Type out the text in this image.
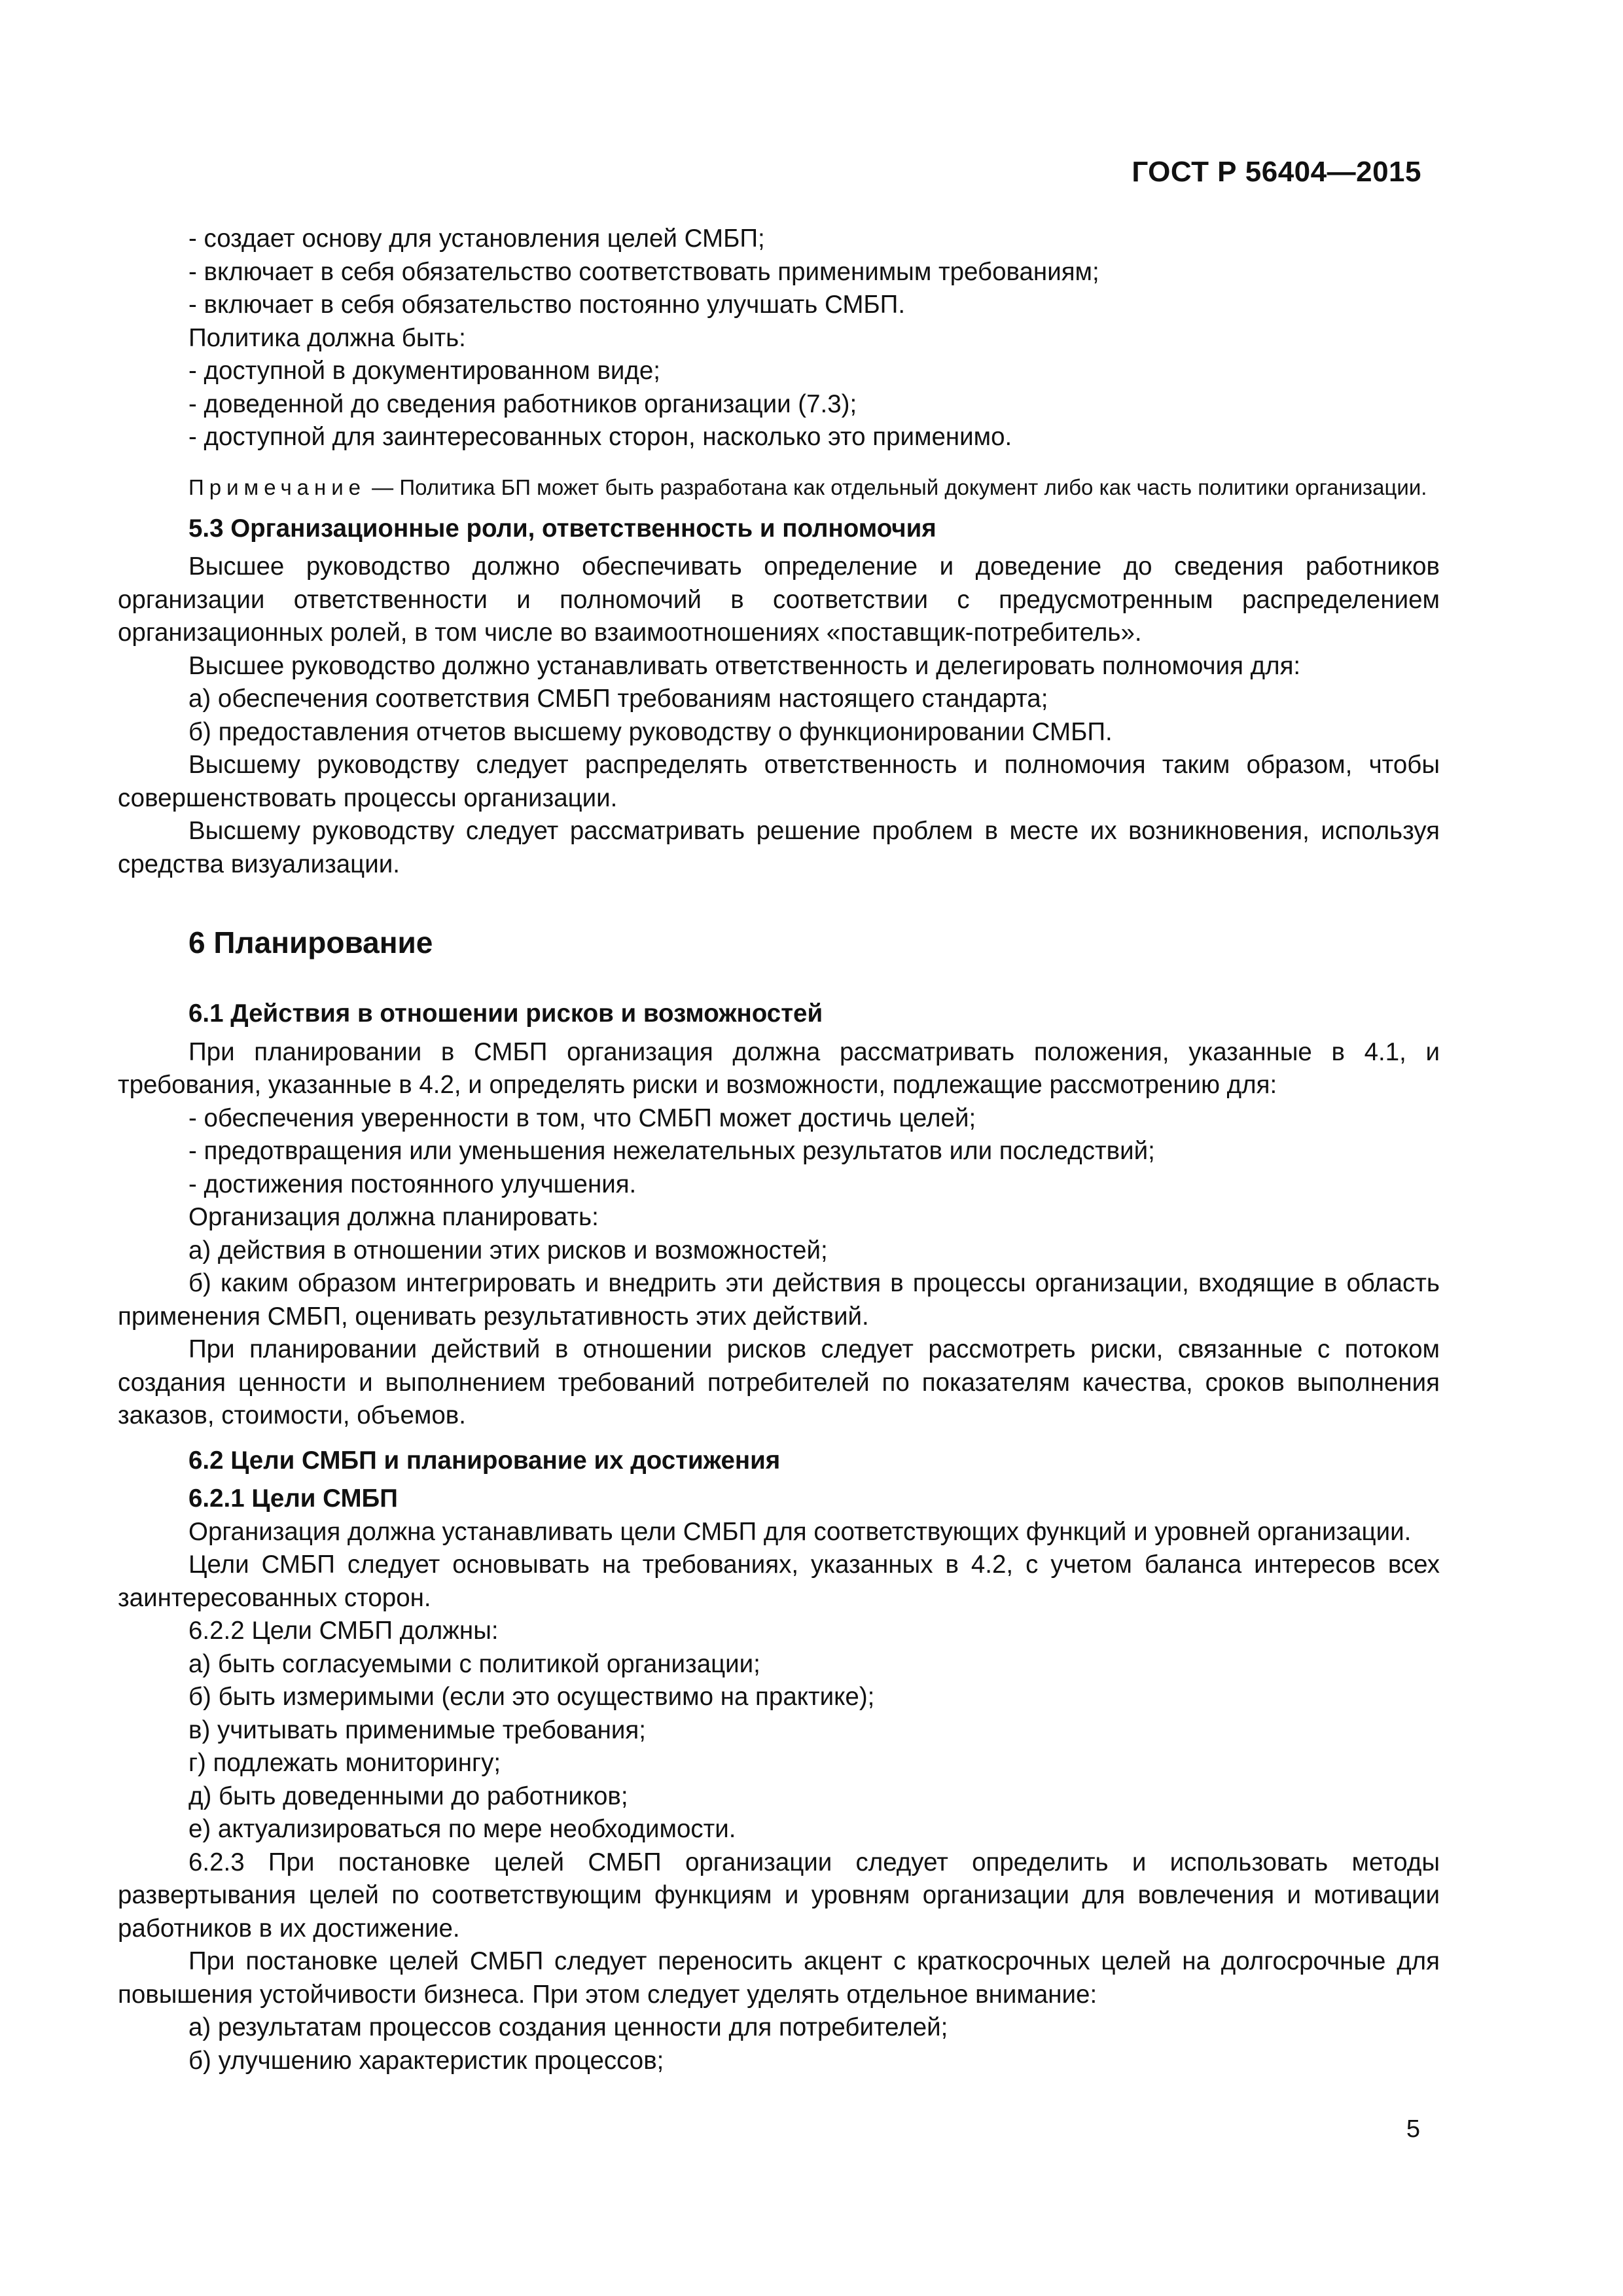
ГОСТ Р 56404—2015

- создает основу для установления целей СМБП;

- включает в себя обязательство соответствовать применимым требованиям;

- включает в себя обязательство постоянно улучшать СМБП.

Политика должна быть:

- доступной в документированном виде;

- доведенной до сведения работников организации (7.3);

- доступной для заинтересованных сторон, насколько это применимо.

Примечание — Политика БП может быть разработана как отдельный документ либо как часть политики организации.

5.3 Организационные роли, ответственность и полномочия

Высшее руководство должно обеспечивать определение и доведение до сведения работников организации ответственности и полномочий в соответствии с предусмотренным распределением организационных ролей, в том числе во взаимоотношениях «поставщик-потребитель».

Высшее руководство должно устанавливать ответственность и делегировать полномочия для:

а) обеспечения соответствия СМБП требованиям настоящего стандарта;

б) предоставления отчетов высшему руководству о функционировании СМБП.

Высшему руководству следует распределять ответственность и полномочия таким образом, чтобы совершенствовать процессы организации.

Высшему руководству следует рассматривать решение проблем в месте их возникновения, используя средства визуализации.

6 Планирование

6.1 Действия в отношении рисков и возможностей

При планировании в СМБП организация должна рассматривать положения, указанные в 4.1, и требования, указанные в 4.2, и определять риски и возможности, подлежащие рассмотрению для:

- обеспечения уверенности в том, что СМБП может достичь целей;

- предотвращения или уменьшения нежелательных результатов или последствий;

- достижения постоянного улучшения.

Организация должна планировать:

а) действия в отношении этих рисков и возможностей;

б) каким образом интегрировать и внедрить эти действия в процессы организации, входящие в область применения СМБП, оценивать результативность этих действий.

При планировании действий в отношении рисков следует рассмотреть риски, связанные с потоком создания ценности и выполнением требований потребителей по показателям качества, сроков выполнения заказов, стоимости, объемов.

6.2 Цели СМБП и планирование их достижения

6.2.1 Цели СМБП

Организация должна устанавливать цели СМБП для соответствующих функций и уровней организации.

Цели СМБП следует основывать на требованиях, указанных в 4.2, с учетом баланса интересов всех заинтересованных сторон.

6.2.2 Цели СМБП должны:

а) быть согласуемыми с политикой организации;

б) быть измеримыми (если это осуществимо на практике);

в) учитывать применимые требования;

г) подлежать мониторингу;

д) быть доведенными до работников;

е) актуализироваться по мере необходимости.

6.2.3 При постановке целей СМБП организации следует определить и использовать методы развертывания целей по соответствующим функциям и уровням организации для вовлечения и мотивации работников в их достижение.

При постановке целей СМБП следует переносить акцент с краткосрочных целей на долгосрочные для повышения устойчивости бизнеса. При этом следует уделять отдельное внимание:

а) результатам процессов создания ценности для потребителей;

б) улучшению характеристик процессов;

5
